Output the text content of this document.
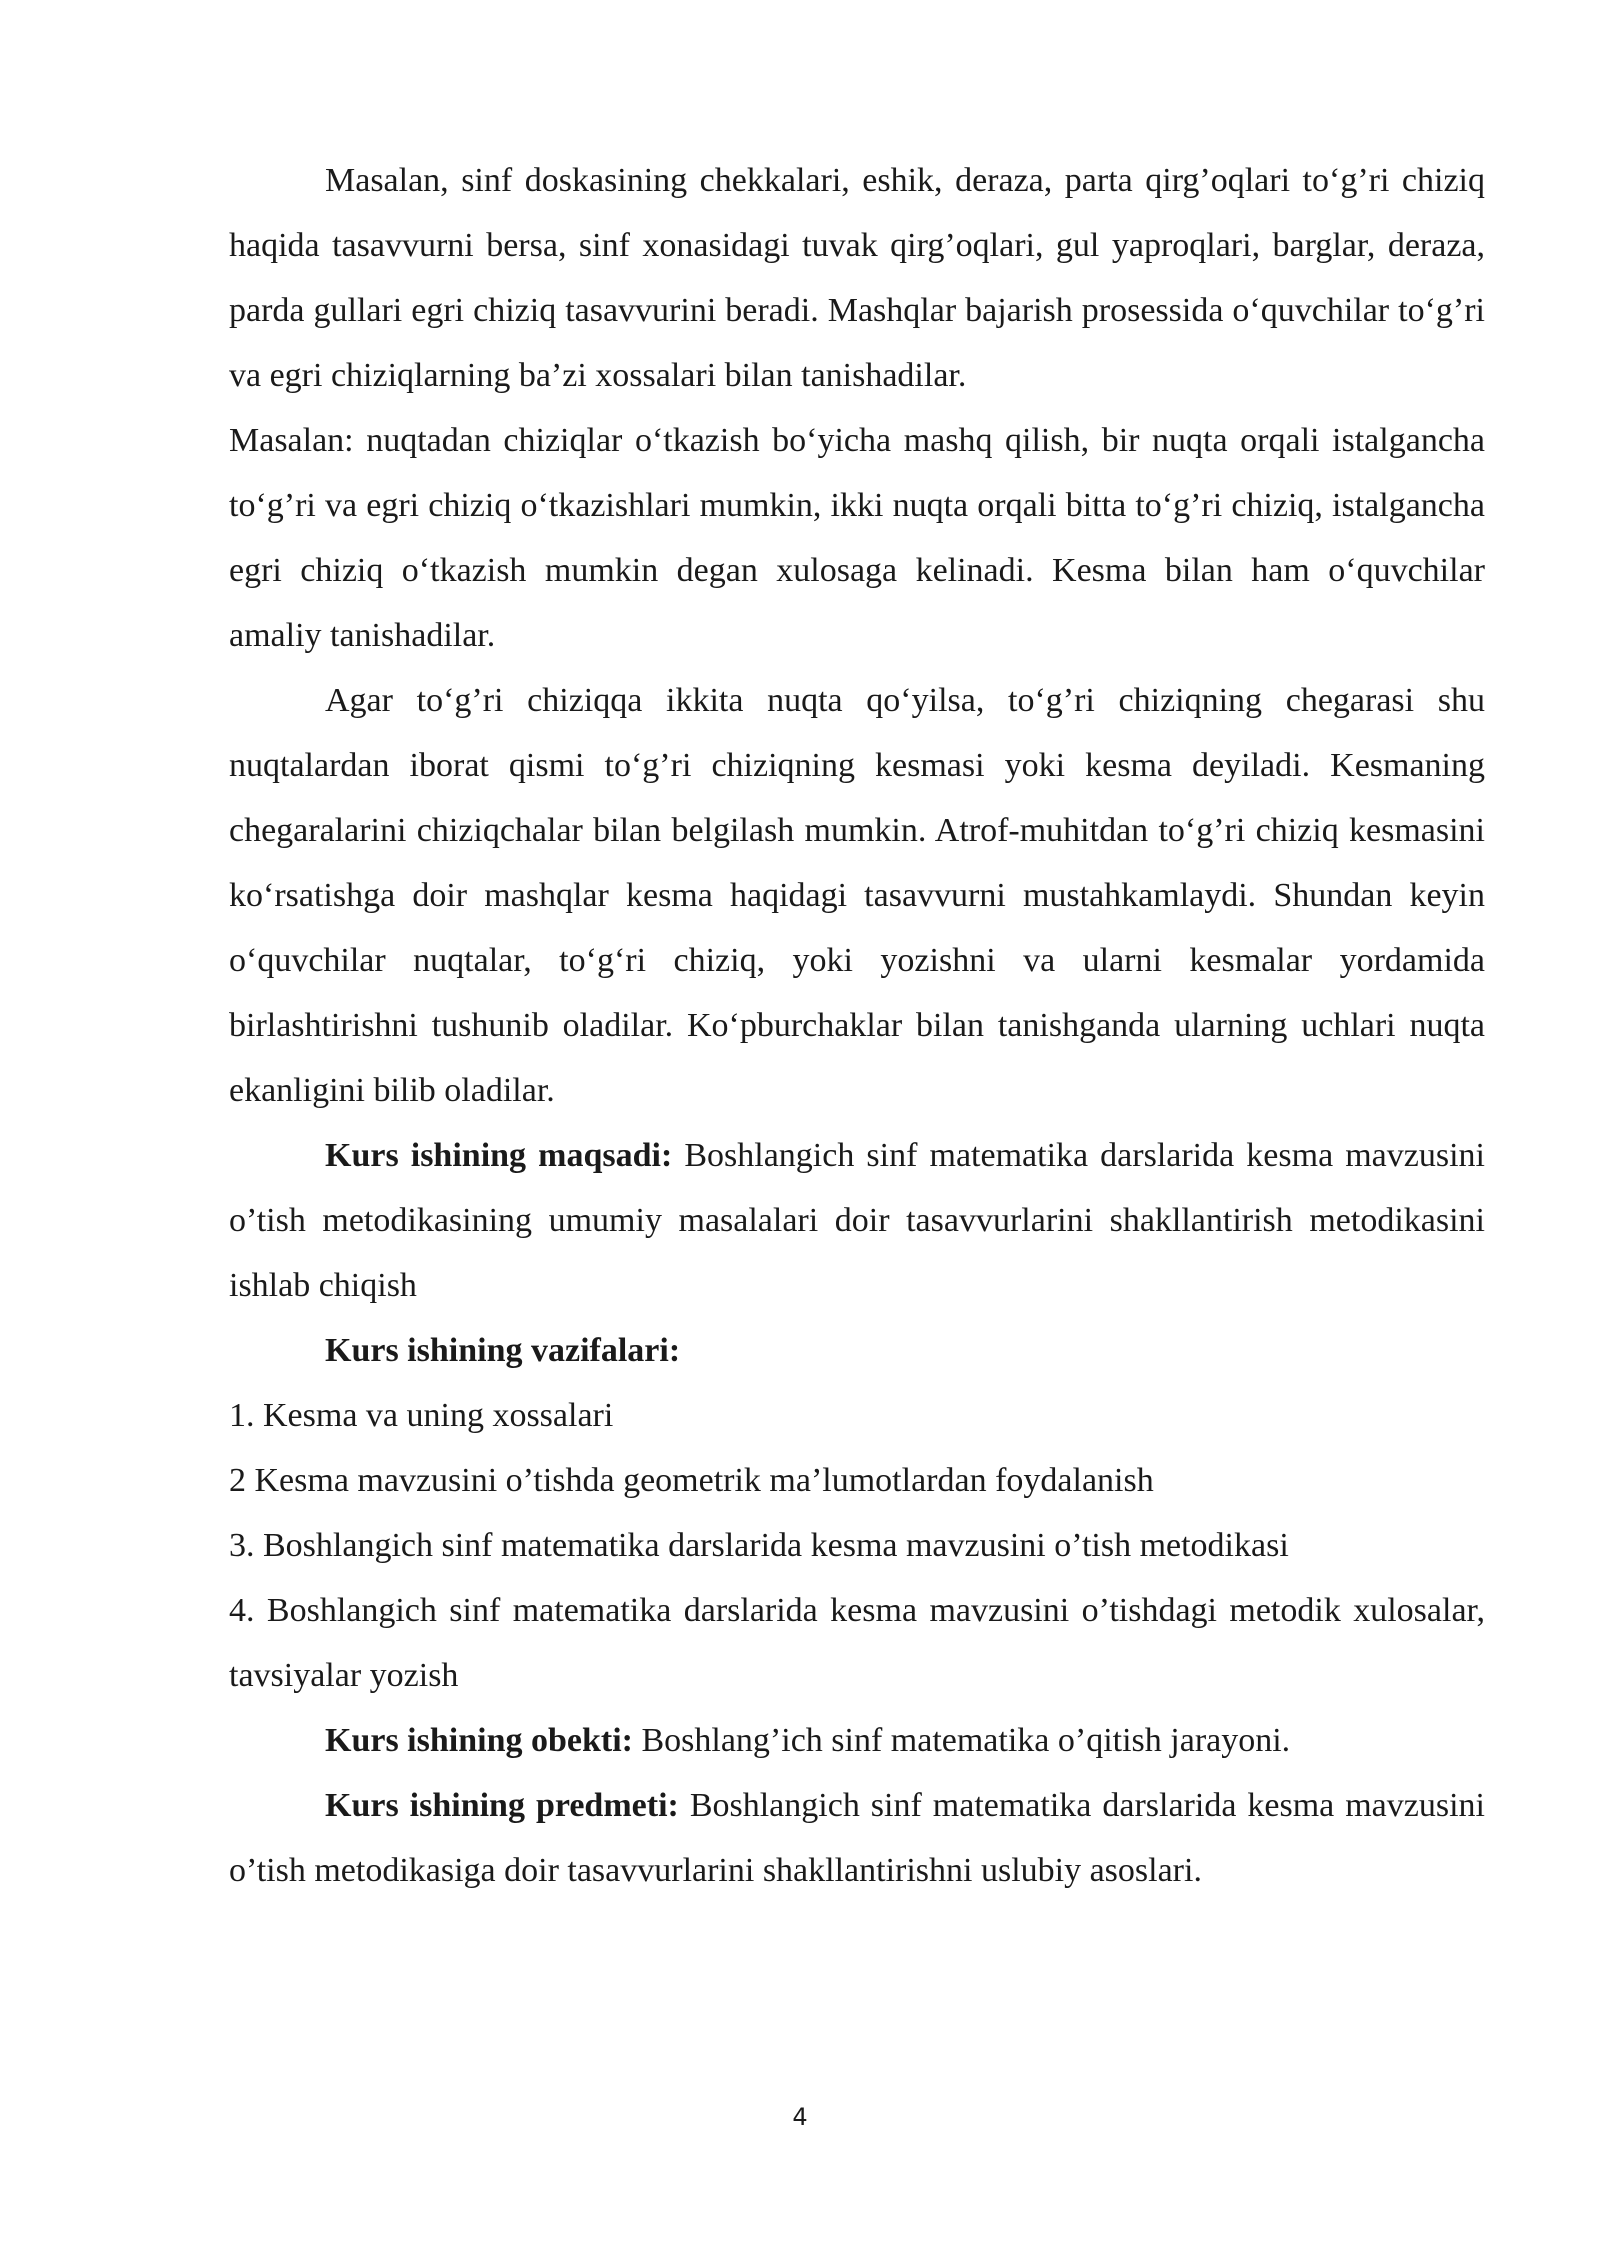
Masalan, sinf doskasining chekkalari, eshik, deraza, parta qirg’oqlari to‘g’ri chiziq haqida tasavvurni bersa, sinf xonasidagi tuvak qirg’oqlari, gul yaproqlari, barglar, deraza, parda gullari egri chiziq tasavvurini beradi. Mashqlar bajarish prosessida o‘quvchilar to‘g’ri va egri chiziqlarning ba’zi xossalari bilan tanishadilar.

Masalan: nuqtadan chiziqlar o‘tkazish bo‘yicha mashq qilish, bir nuqta orqali istalgancha to‘g’ri va egri chiziq o‘tkazishlari mumkin, ikki nuqta orqali bitta to‘g’ri chiziq, istalgancha egri chiziq o‘tkazish mumkin degan xulosaga kelinadi. Kesma bilan ham o‘quvchilar amaliy tanishadilar.

Agar to‘g’ri chiziqqa ikkita nuqta qo‘yilsa, to‘g’ri chiziqning chegarasi shu nuqtalardan iborat qismi to‘g’ri chiziqning kesmasi yoki kesma deyiladi. Kesmaning chegaralarini chiziqchalar bilan belgilash mumkin. Atrof-muhitdan to‘g’ri chiziq kesmasini ko‘rsatishga doir mashqlar kesma haqidagi tasavvurni mustahkamlaydi. Shundan keyin o‘quvchilar nuqtalar, to‘g‘ri chiziq, yoki yozishni va ularni kesmalar yordamida birlashtirishni tushunib oladilar. Ko‘pburchaklar bilan tanishganda ularning uchlari nuqta ekanligini bilib oladilar.

Kurs ishining maqsadi: Boshlangich sinf matematika darslarida kesma mavzusini o’tish metodikasining umumiy masalalari doir tasavvurlarini shakllantirish metodikasini ishlab chiqish

Kurs ishining vazifalari:

1. Kesma va uning xossalari

2 Kesma mavzusini o’tishda geometrik ma’lumotlardan foydalanish

3. Boshlangich sinf matematika darslarida kesma mavzusini o’tish metodikasi

4. Boshlangich sinf matematika darslarida kesma mavzusini o’tishdagi metodik xulosalar, tavsiyalar yozish

Kurs ishining obekti: Boshlang’ich sinf matematika o’qitish jarayoni.

Kurs ishining predmeti: Boshlangich sinf matematika darslarida kesma mavzusini o’tish metodikasiga doir tasavvurlarini shakllantirishni uslubiy asoslari.

4
